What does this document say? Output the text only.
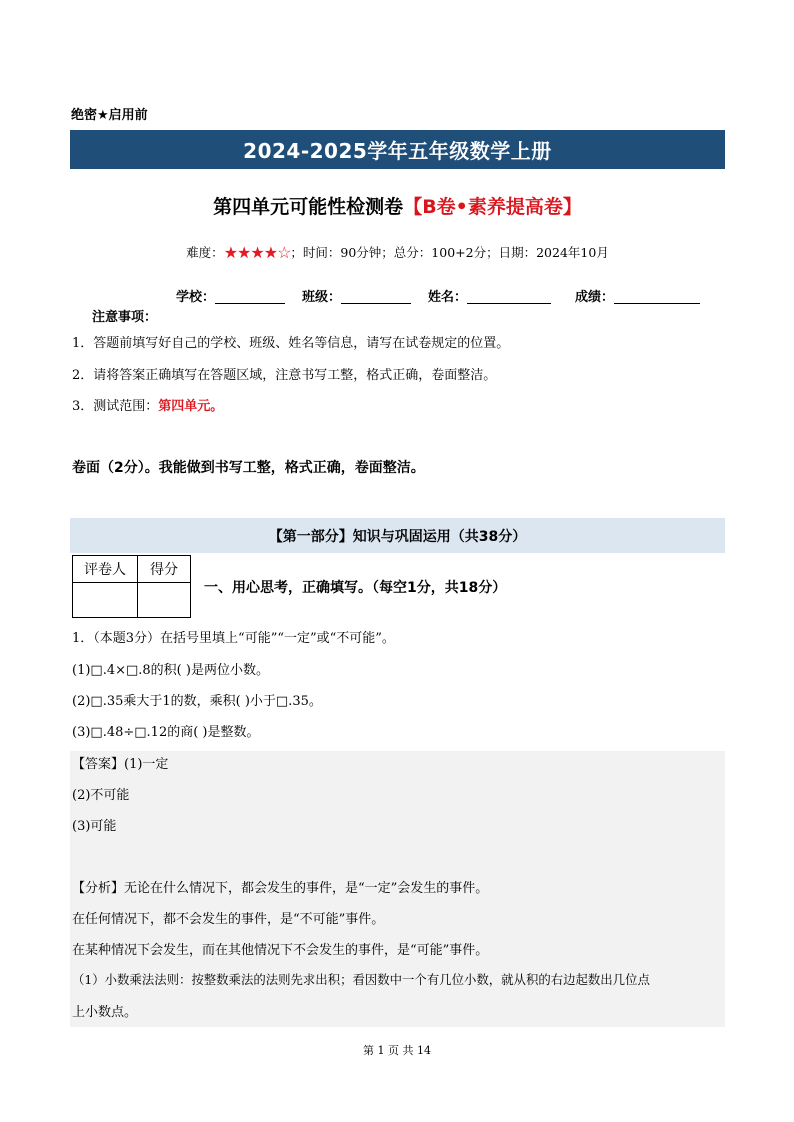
绝密★启用前
2024-2025学年五年级数学上册
第四单元可能性检测卷【B卷•素养提高卷】
难度：★★★★☆；时间：90分钟；总分：100+2分；日期：2024年10月
学校：	班级：	姓名：	成绩：
注意事项：
1．答题前填写好自己的学校、班级、姓名等信息，请写在试卷规定的位置。
2．请将答案正确填写在答题区域，注意书写工整，格式正确，卷面整洁。
3．测试范围：第四单元。
卷面（2分）。我能做到书写工整，格式正确，卷面整洁。
【第一部分】知识与巩固运用（共38分）
评卷人	得分

一、用心思考，正确填写。（每空1分，共18分）
1．（本题3分）在括号里填上“可能”“一定”或“不可能”。
(1)□.4×□.8的积( )是两位小数。
(2)□.35乘大于1的数，乘积( )小于□.35。
(3)□.48÷□.12的商( )是整数。
【答案】(1)一定
(2)不可能
(3)可能
【分析】无论在什么情况下，都会发生的事件，是“一定”会发生的事件。
在任何情况下，都不会发生的事件，是“不可能”事件。
在某种情况下会发生，而在其他情况下不会发生的事件，是“可能”事件。
（1）小数乘法法则：按整数乘法的法则先求出积；看因数中一个有几位小数，就从积的右边起数出几位点
上小数点。
第 1 页 共 14
